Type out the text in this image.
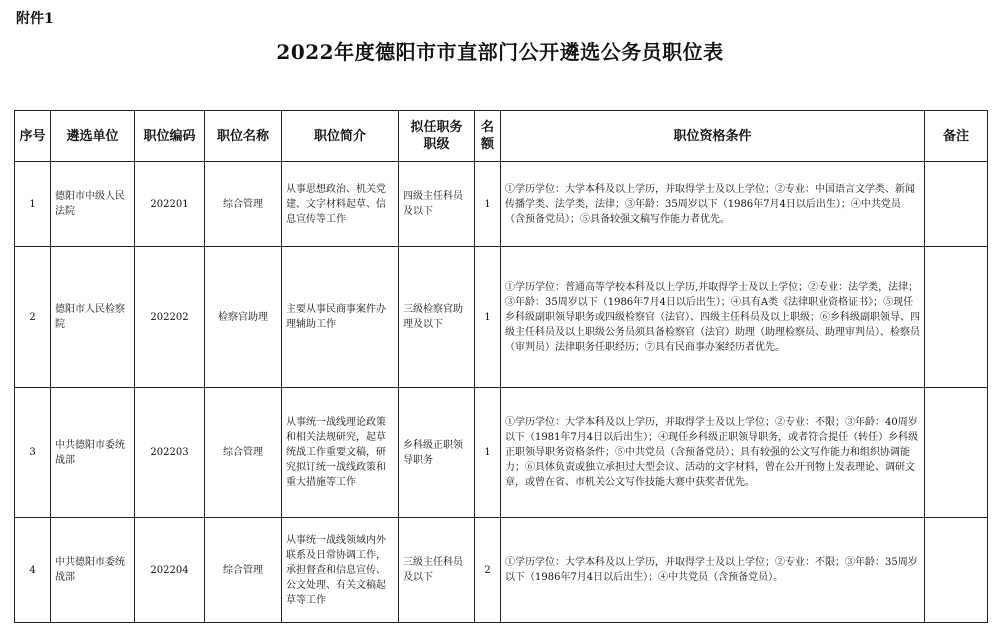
附件1
2022年度德阳市市直部门公开遴选公务员职位表
序号	遴选单位	职位编码	职位名称	职位简介	拟任职务职级	名额	职位资格条件	备注
1	德阳市中级人民法院	202201	综合管理	从事思想政治、机关党建、文字材料起草、信息宣传等工作	四级主任科员及以下	1	①学历学位：大学本科及以上学历，并取得学士及以上学位；②专业：中国语言文学类、新闻传播学类、法学类，法律；③年龄：35周岁以下（1986年7月4日以后出生）；④中共党员（含预备党员）；⑤具备较强文稿写作能力者优先。	
2	德阳市人民检察院	202202	检察官助理	主要从事民商事案件办理辅助工作	三级检察官助理及以下	1	①学历学位：普通高等学校本科及以上学历,并取得学士及以上学位；②专业：法学类，法律；③年龄：35周岁以下（1986年7月4日以后出生）；④具有A类《法律职业资格证书》；⑤现任乡科级副职领导职务或四级检察官（法官）、四级主任科员及以上职级；⑥乡科级副职领导、四级主任科员及以上职级公务员须具备检察官（法官）助理（助理检察员、助理审判员）、检察员（审判员）法律职务任职经历；⑦具有民商事办案经历者优先。	
3	中共德阳市委统战部	202203	综合管理	从事统一战线理论政策和相关法规研究，起草统战工作重要文稿，研究拟订统一战线政策和重大措施等工作	乡科级正职领导职务	1	①学历学位：大学本科及以上学历，并取得学士及以上学位；②专业：不限；③年龄：40周岁以下（1981年7月4日以后出生）；④现任乡科级正职领导职务，或者符合提任（转任）乡科级正职领导职务资格条件；⑤中共党员（含预备党员）；具有较强的公文写作能力和组织协调能力；⑥具体负责或独立承担过大型会议、活动的文字材料，曾在公开刊物上发表理论、调研文章，或曾在省、市机关公文写作技能大赛中获奖者优先。	
4	中共德阳市委统战部	202204	综合管理	从事统一战线领域内外联系及日常协调工作，承担督查和信息宣传、公文处理、有关文稿起草等工作	三级主任科员及以下	2	①学历学位：大学本科及以上学历，并取得学士及以上学位；②专业：不限；③年龄：35周岁以下（1986年7月4日以后出生）；④中共党员（含预备党员）。	
